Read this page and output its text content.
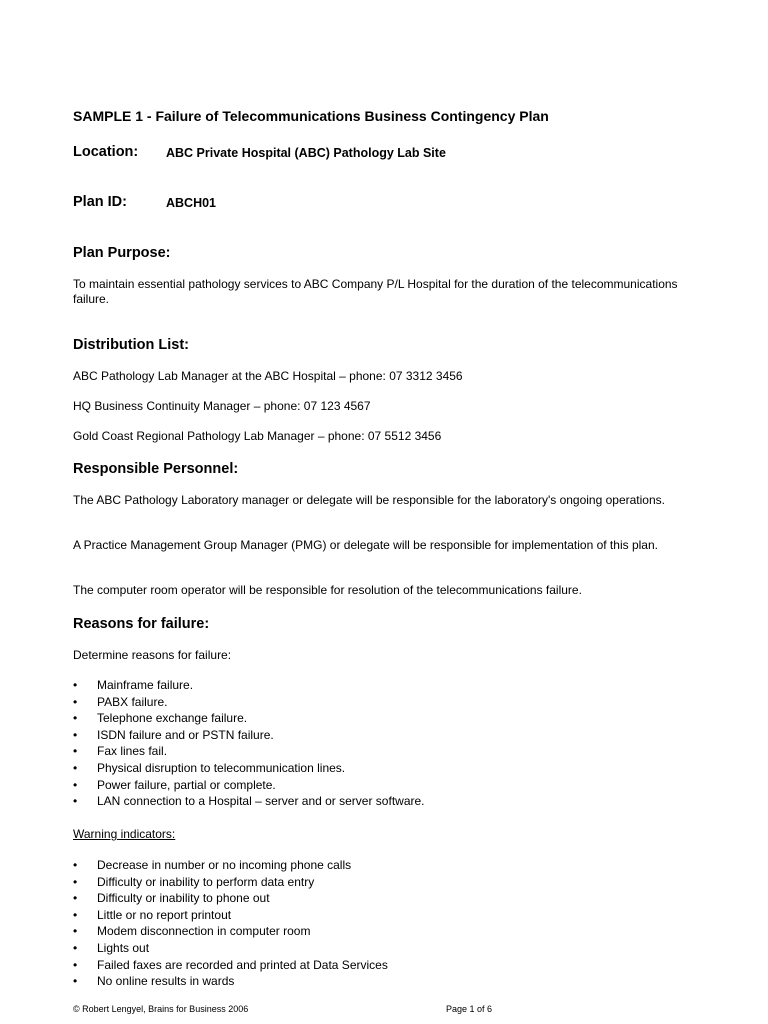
SAMPLE 1 - Failure of Telecommunications Business Contingency Plan
Location: ABC Private Hospital (ABC) Pathology Lab Site
Plan ID:	ABCH01
Plan Purpose:
To maintain essential pathology services to ABC Company P/L Hospital for the duration of the telecommunications failure.
Distribution List:
ABC Pathology Lab Manager at the ABC Hospital – phone: 07 3312 3456
HQ Business Continuity Manager – phone: 07 123 4567
Gold Coast Regional Pathology Lab Manager – phone: 07 5512 3456
Responsible Personnel:
The ABC Pathology Laboratory manager or delegate will be responsible for the laboratory's ongoing operations.
A Practice Management Group Manager (PMG) or delegate will be responsible for implementation of this plan.
The computer room operator will be responsible for resolution of the telecommunications failure.
Reasons for failure:
Determine reasons for failure:
• Mainframe failure.
• PABX failure.
• Telephone exchange failure.
• ISDN failure and or PSTN failure.
• Fax lines fail.
• Physical disruption to telecommunication lines.
• Power failure, partial or complete.
• LAN connection to a Hospital – server and or server software.
Warning indicators:
• Decrease in number or no incoming phone calls
• Difficulty or inability to perform data entry
• Difficulty or inability to phone out
• Little or no report printout
• Modem disconnection in computer room
• Lights out
• Failed faxes are recorded and printed at Data Services
• No online results in wards
© Robert Lengyel, Brains for Business 2006	Page 1 of 6
